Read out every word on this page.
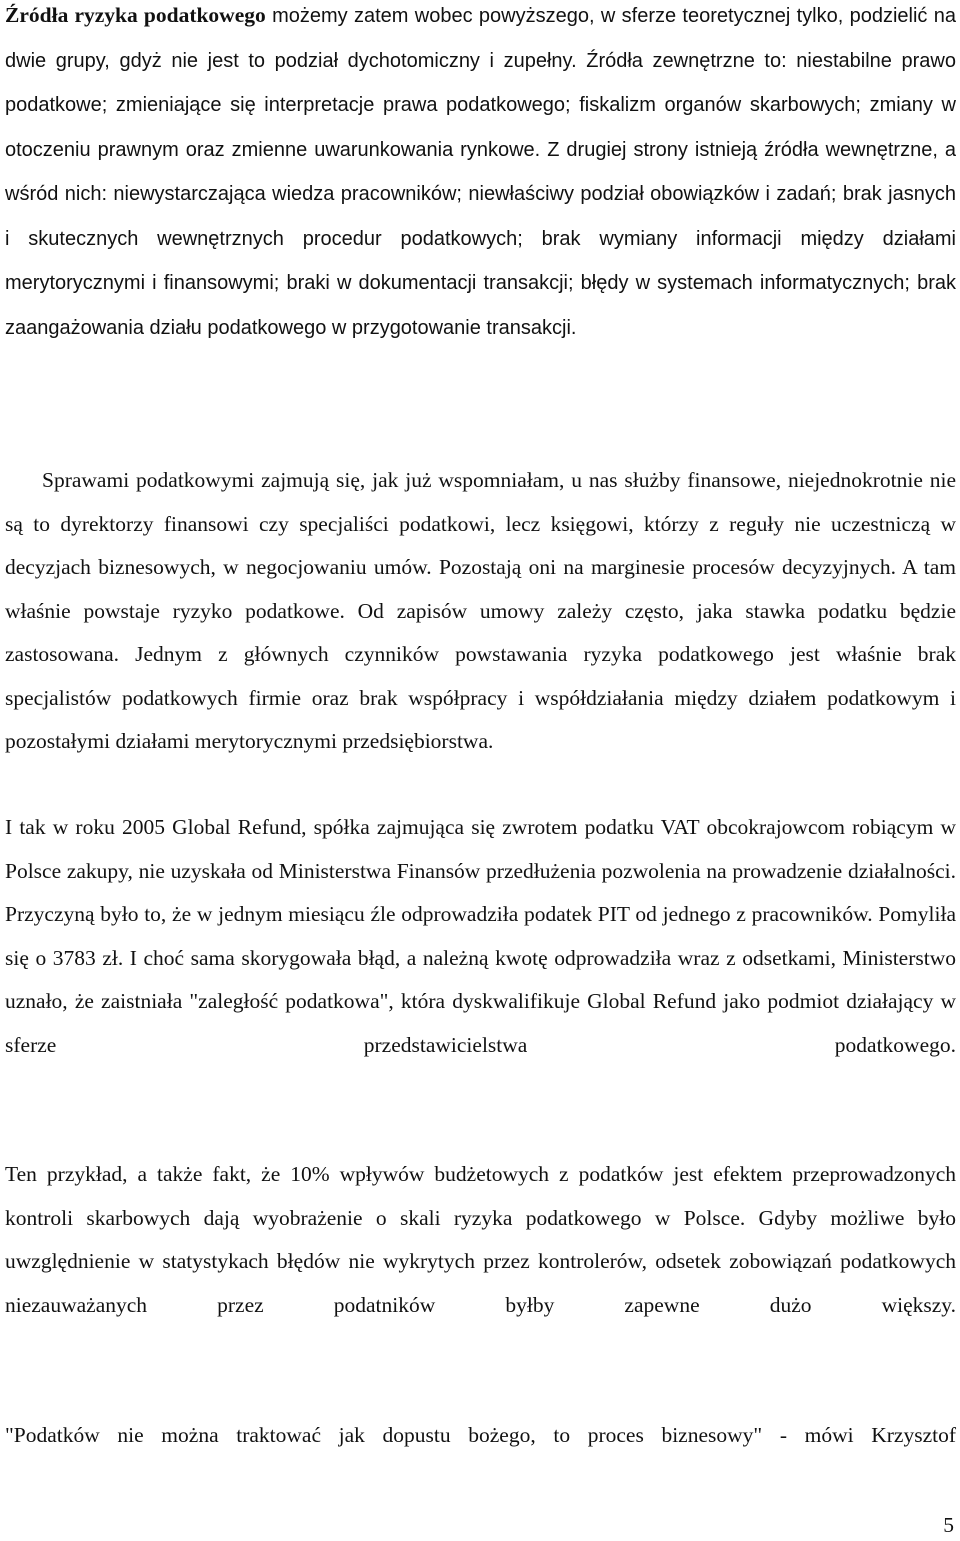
Źródła ryzyka podatkowego możemy zatem wobec powyższego, w sferze teoretycznej tylko, podzielić na dwie grupy, gdyż nie jest to podział dychotomiczny i zupełny. Źródła zewnętrzne to: niestabilne prawo podatkowe; zmieniające się interpretacje prawa podatkowego; fiskalizm organów skarbowych; zmiany w otoczeniu prawnym oraz zmienne uwarunkowania rynkowe. Z drugiej strony istnieją źródła wewnętrzne, a wśród nich: niewystarczająca wiedza pracowników; niewłaściwy podział obowiązków i zadań; brak jasnych i skutecznych wewnętrznych procedur podatkowych; brak wymiany informacji między działami merytorycznymi i finansowymi; braki w dokumentacji transakcji; błędy w systemach informatycznych; brak zaangażowania działu podatkowego w przygotowanie transakcji.

Sprawami podatkowymi zajmują się, jak już wspomniałam, u nas służby finansowe, niejednokrotnie nie są to dyrektorzy finansowi czy specjaliści podatkowi, lecz księgowi, którzy z reguły nie uczestniczą w decyzjach biznesowych, w negocjowaniu umów. Pozostają oni na marginesie procesów decyzyjnych. A tam właśnie powstaje ryzyko podatkowe. Od zapisów umowy zależy często, jaka stawka podatku będzie zastosowana. Jednym z głównych czynników powstawania ryzyka podatkowego jest właśnie brak specjalistów podatkowych firmie oraz brak współpracy i współdziałania między działem podatkowym i pozostałymi działami merytorycznymi przedsiębiorstwa.

I tak w roku 2005 Global Refund, spółka zajmująca się zwrotem podatku VAT obcokrajowcom robiącym w Polsce zakupy, nie uzyskała od Ministerstwa Finansów przedłużenia pozwolenia na prowadzenie działalności. Przyczyną było to, że w jednym miesiącu źle odprowadziła podatek PIT od jednego z pracowników. Pomyliła się o 3783 zł. I choć sama skorygowała błąd, a należną kwotę odprowadziła wraz z odsetkami, Ministerstwo uznało, że zaistniała "zaległość podatkowa", która dyskwalifikuje Global Refund jako podmiot działający w sferze przedstawicielstwa podatkowego.

Ten przykład, a także fakt, że 10% wpływów budżetowych z podatków jest efektem przeprowadzonych kontroli skarbowych dają wyobrażenie o skali ryzyka podatkowego w Polsce. Gdyby możliwe było uwzględnienie w statystykach błędów nie wykrytych przez kontrolerów, odsetek zobowiązań podatkowych niezauważanych przez podatników byłby zapewne dużo większy.

"Podatków nie można traktować jak dopustu bożego, to proces biznesowy" - mówi Krzysztof

5
